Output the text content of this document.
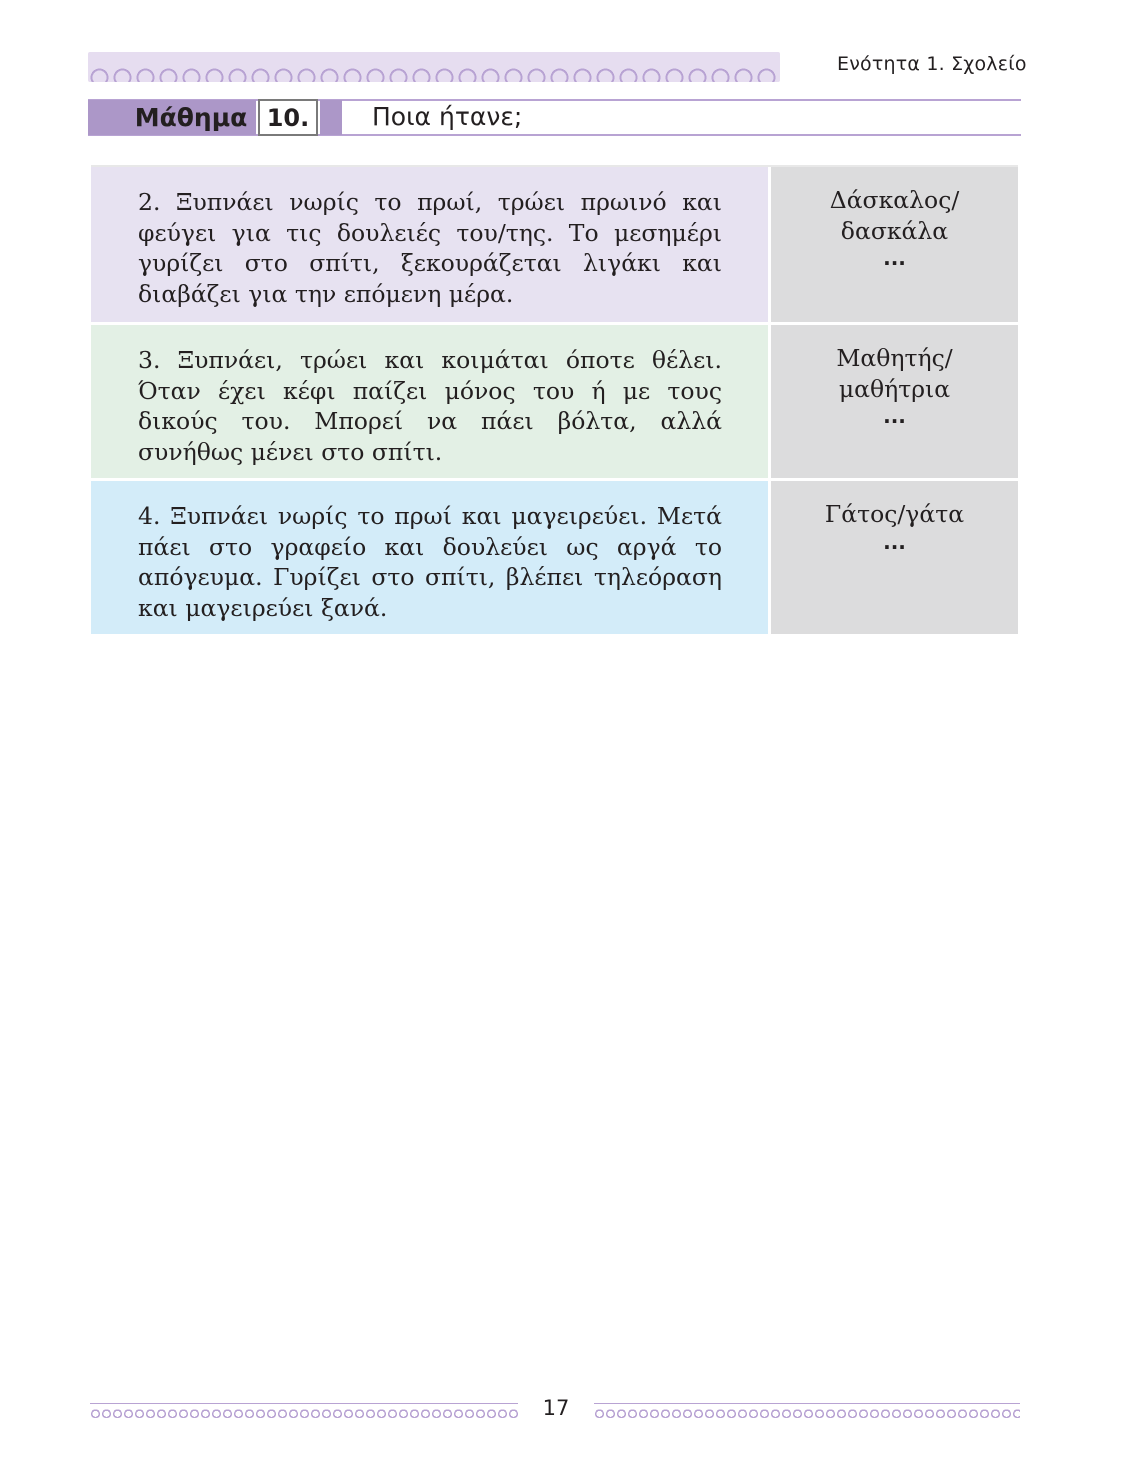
Ενότητα 1. Σχολείο
Μάθημα 10.	Ποια ήτανε;
2. Ξυπνάει νωρίς το πρωί, τρώει πρωινό και φεύγει για τις δουλειές του/της. Το μεσημέρι γυρίζει στο σπίτι, ξεκουράζεται λιγάκι και διαβάζει για την επόμενη μέρα.
Δάσκαλος/
δασκάλα
...
3. Ξυπνάει, τρώει και κοιμάται όποτε θέλει. Όταν έχει κέφι παίζει μόνος του ή με τους δικούς του. Μπορεί να πάει βόλτα, αλλά συνήθως μένει στο σπίτι.
Μαθητής/
μαθήτρια
...
4. Ξυπνάει νωρίς το πρωί και μαγειρεύει. Μετά πάει στο γραφείο και δουλεύει ως αργά το απόγευμα. Γυρίζει στο σπίτι, βλέπει τηλεόραση και μαγειρεύει ξανά.
Γάτος/γάτα
...
17
